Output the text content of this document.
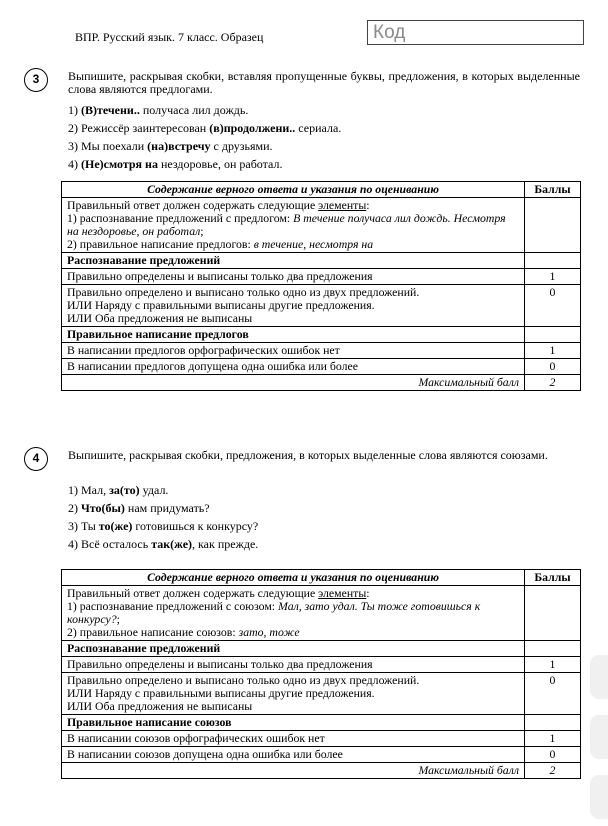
ВПР. Русский язык. 7 класс. Образец	Код
3	Выпишите, раскрывая скобки, вставляя пропущенные буквы, предложения, в которых выделенные слова являются предлогами.
1) (В)течени.. получаса лил дождь.
2) Режиссёр заинтересован (в)продолжени.. сериала.
3) Мы поехали (на)встречу с друзьями.
4) (Не)смотря на нездоровье, он работал.
Содержание верного ответа и указания по оцениванию	Баллы

Правильный ответ должен содержать следующие элементы:
1) распознавание предложений с предлогом: В течение получаса лил дождь. Несмотря на нездоровье, он работал;
2) правильное написание предлогов: в течение, несмотря на	

Распознавание предложений	
Правильно определены и выписаны только два предложения	1

Правильно определено и выписано только одно из двух предложений.
ИЛИ Наряду с правильными выписаны другие предложения.
ИЛИ Оба предложения не выписаны	0
Правильное написание предлогов	
В написании предлогов орфографических ошибок нет	1
В написании предлогов допущена одна ошибка или более	0
Максимальный балл	2
4	Выпишите, раскрывая скобки, предложения, в которых выделенные слова являются союзами.
1) Мал, за(то) удал.
2) Что(бы) нам придумать?
3) Ты то(же) готовишься к конкурсу?
4) Всё осталось так(же), как прежде.
Содержание верного ответа и указания по оцениванию	Баллы

Правильный ответ должен содержать следующие элементы:
1) распознавание предложений с союзом: Мал, зато удал. Ты тоже готовишься к конкурсу?;
2) правильное написание союзов: зато, тоже	

Распознавание предложений	
Правильно определены и выписаны только два предложения	1

Правильно определено и выписано только одно из двух предложений.
ИЛИ Наряду с правильными выписаны другие предложения.
ИЛИ Оба предложения не выписаны	0
Правильное написание союзов	
В написании союзов орфографических ошибок нет	1
В написании союзов допущена одна ошибка или более	0
Максимальный балл	2
